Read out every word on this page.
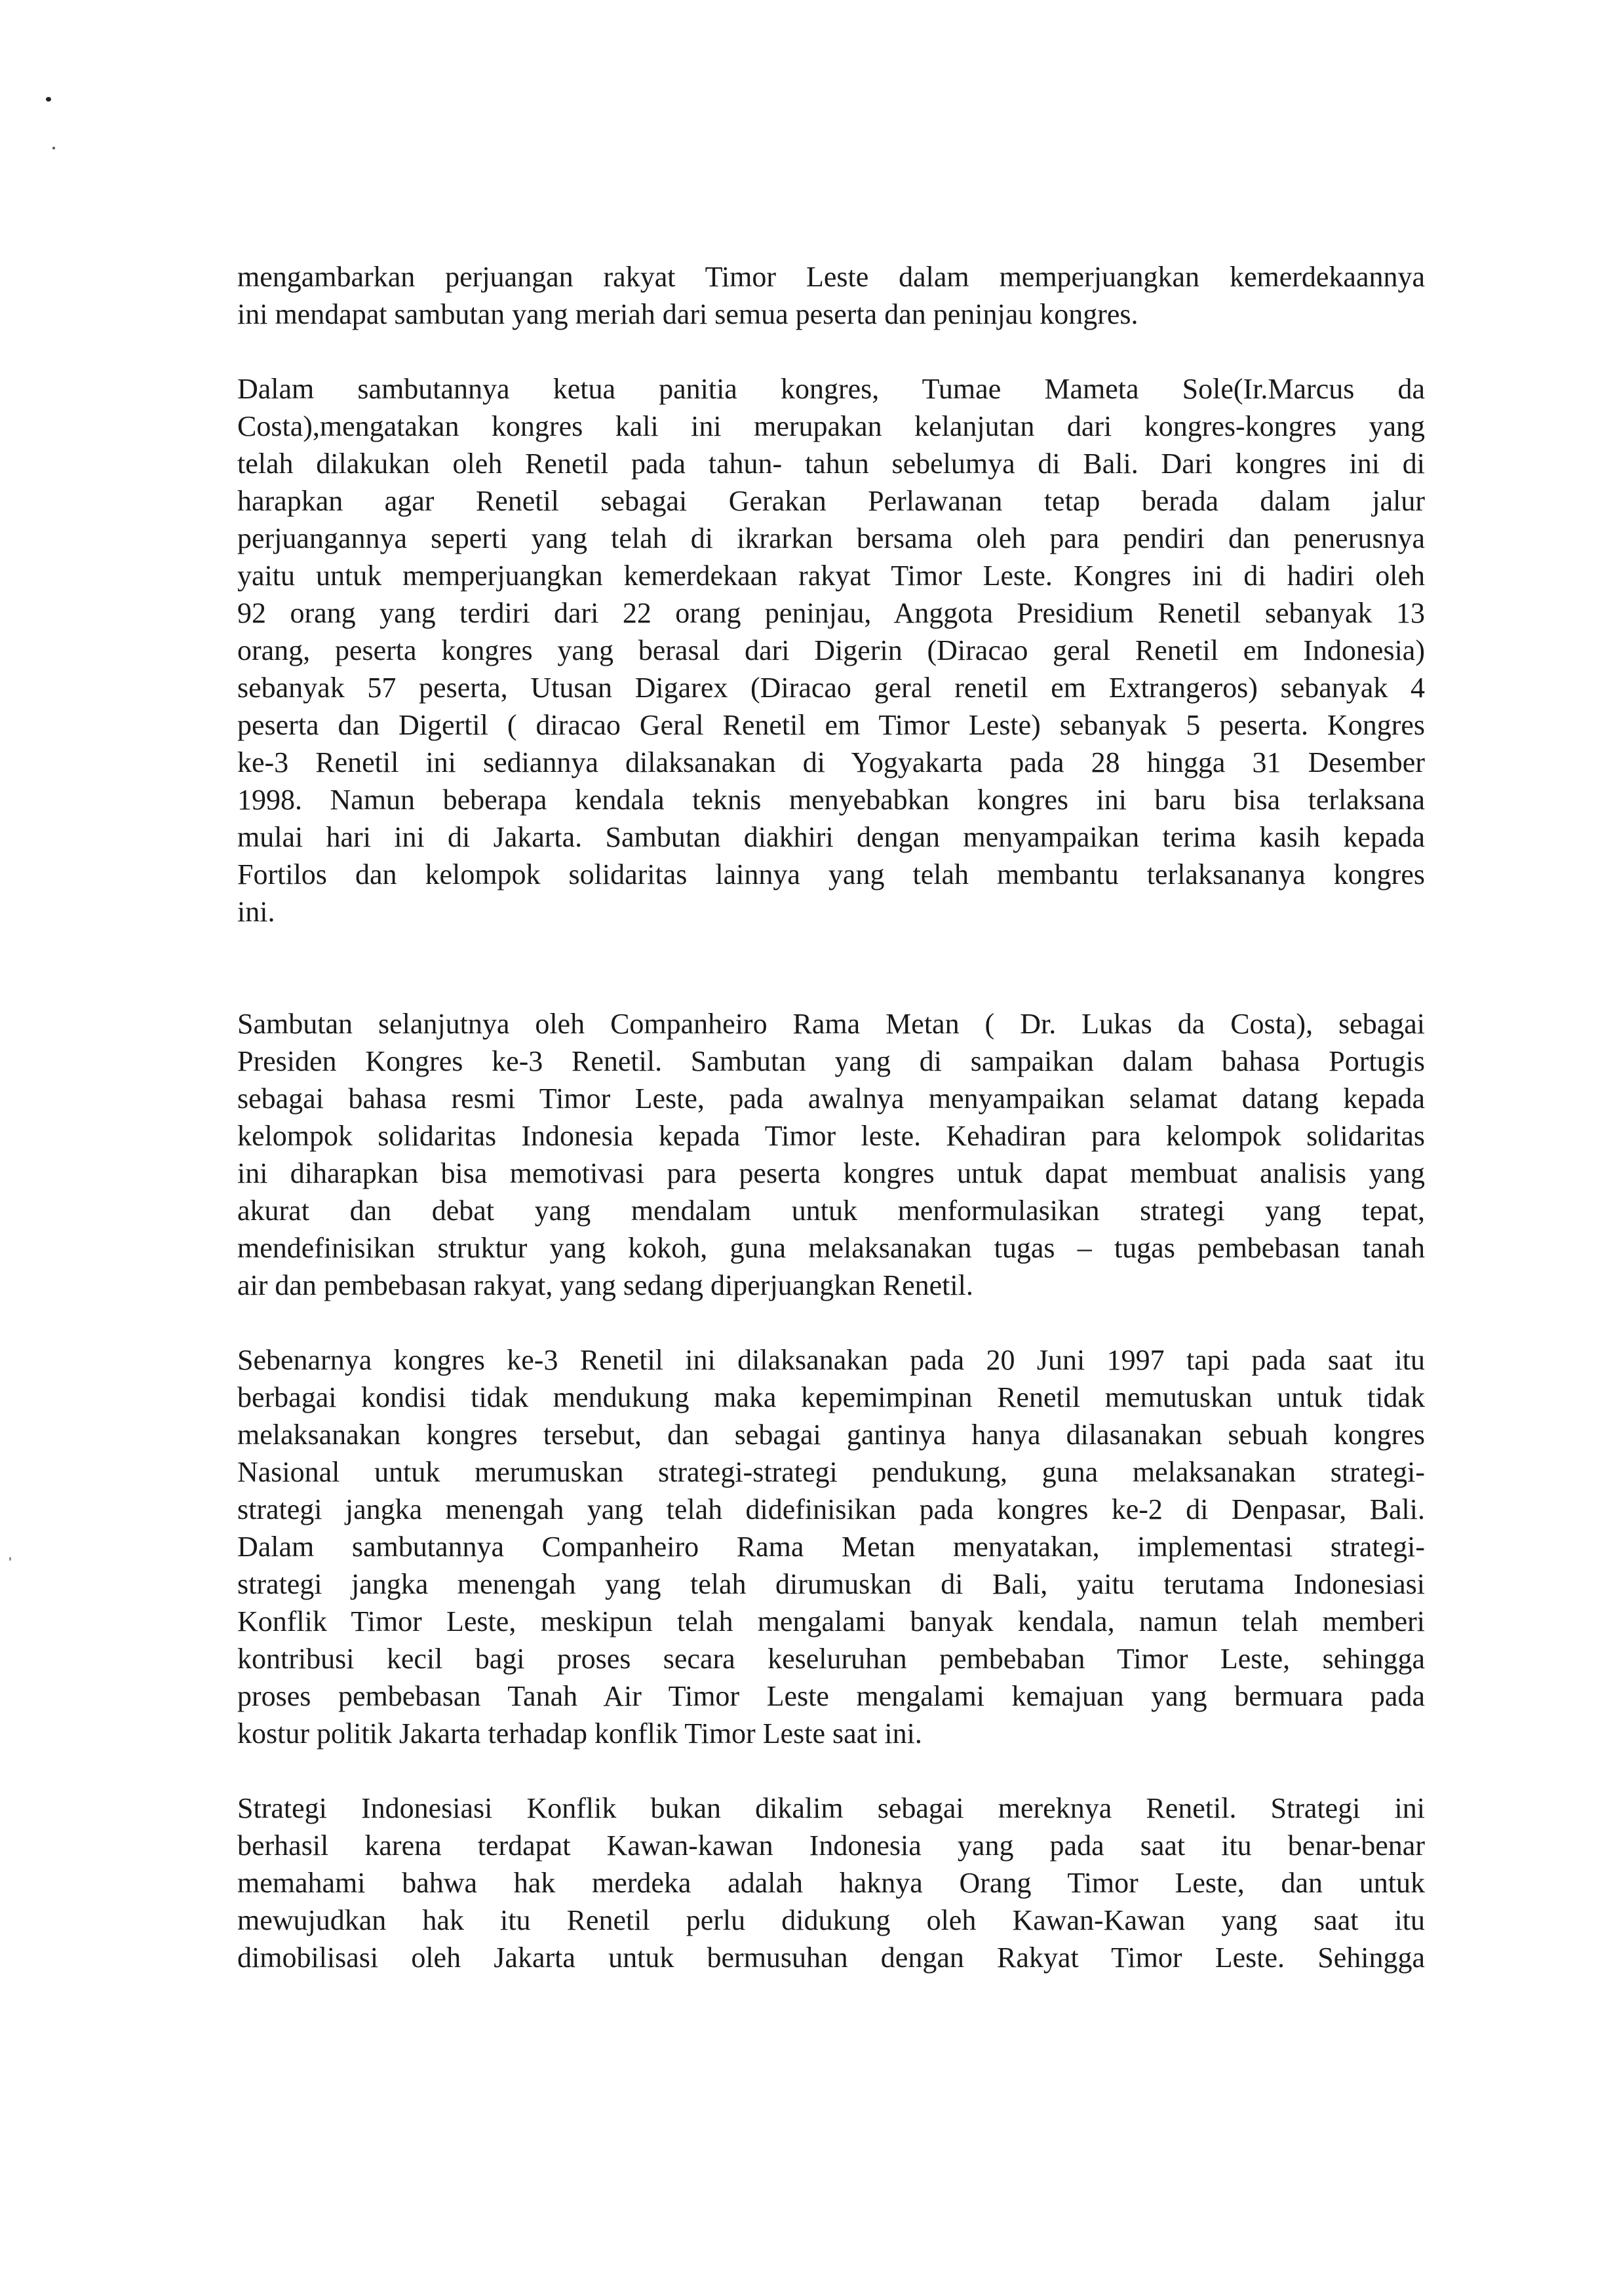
mengambarkan perjuangan rakyat Timor Leste dalam memperjuangkan kemerdekaannya
ini mendapat sambutan yang meriah dari semua peserta dan peninjau kongres.
Dalam sambutannya ketua panitia kongres, Tumae Mameta Sole(Ir.Marcus da
Costa),mengatakan kongres kali ini merupakan kelanjutan dari kongres-kongres yang
telah dilakukan oleh Renetil pada tahun- tahun sebelumya di Bali. Dari kongres ini di
harapkan agar Renetil sebagai Gerakan Perlawanan tetap berada dalam jalur
perjuangannya seperti yang telah di ikrarkan bersama oleh para pendiri dan penerusnya
yaitu untuk memperjuangkan kemerdekaan rakyat Timor Leste. Kongres ini di hadiri oleh
92 orang yang terdiri dari 22 orang peninjau, Anggota Presidium Renetil sebanyak 13
orang, peserta kongres yang berasal dari Digerin (Diracao geral Renetil em Indonesia)
sebanyak 57 peserta, Utusan Digarex (Diracao geral renetil em Extrangeros) sebanyak 4
peserta dan Digertil ( diracao Geral Renetil em Timor Leste) sebanyak 5 peserta. Kongres
ke-3 Renetil ini sediannya dilaksanakan di Yogyakarta pada 28 hingga 31 Desember
1998. Namun beberapa kendala teknis menyebabkan kongres ini baru bisa terlaksana
mulai hari ini di Jakarta. Sambutan diakhiri dengan menyampaikan terima kasih kepada
Fortilos dan kelompok solidaritas lainnya yang telah membantu terlaksananya kongres
ini.
Sambutan selanjutnya oleh Companheiro Rama Metan ( Dr. Lukas da Costa), sebagai
Presiden Kongres ke-3 Renetil. Sambutan yang di sampaikan dalam bahasa Portugis
sebagai bahasa resmi Timor Leste, pada awalnya menyampaikan selamat datang kepada
kelompok solidaritas Indonesia kepada Timor leste. Kehadiran para kelompok solidaritas
ini diharapkan bisa memotivasi para peserta kongres untuk dapat membuat analisis yang
akurat dan debat yang mendalam untuk menformulasikan strategi yang tepat,
mendefinisikan struktur yang kokoh, guna melaksanakan tugas – tugas pembebasan tanah
air dan pembebasan rakyat, yang sedang diperjuangkan Renetil.
Sebenarnya kongres ke-3 Renetil ini dilaksanakan pada 20 Juni 1997 tapi pada saat itu
berbagai kondisi tidak mendukung maka kepemimpinan Renetil memutuskan untuk tidak
melaksanakan kongres tersebut, dan sebagai gantinya hanya dilasanakan sebuah kongres
Nasional untuk merumuskan strategi-strategi pendukung, guna melaksanakan strategi-
strategi jangka menengah yang telah didefinisikan pada kongres ke-2 di Denpasar, Bali.
Dalam sambutannya Companheiro Rama Metan menyatakan, implementasi strategi-
strategi jangka menengah yang telah dirumuskan di Bali, yaitu terutama Indonesiasi
Konflik Timor Leste, meskipun telah mengalami banyak kendala, namun telah memberi
kontribusi kecil bagi proses secara keseluruhan pembebaban Timor Leste, sehingga
proses pembebasan Tanah Air Timor Leste mengalami kemajuan yang bermuara pada
kostur politik Jakarta terhadap konflik Timor Leste saat ini.
Strategi Indonesiasi Konflik bukan dikalim sebagai mereknya Renetil. Strategi ini
berhasil karena terdapat Kawan-kawan Indonesia yang pada saat itu benar-benar
memahami bahwa hak merdeka adalah haknya Orang Timor Leste, dan untuk
mewujudkan hak itu Renetil perlu didukung oleh Kawan-Kawan yang saat itu
dimobilisasi oleh Jakarta untuk bermusuhan dengan Rakyat Timor Leste. Sehingga
